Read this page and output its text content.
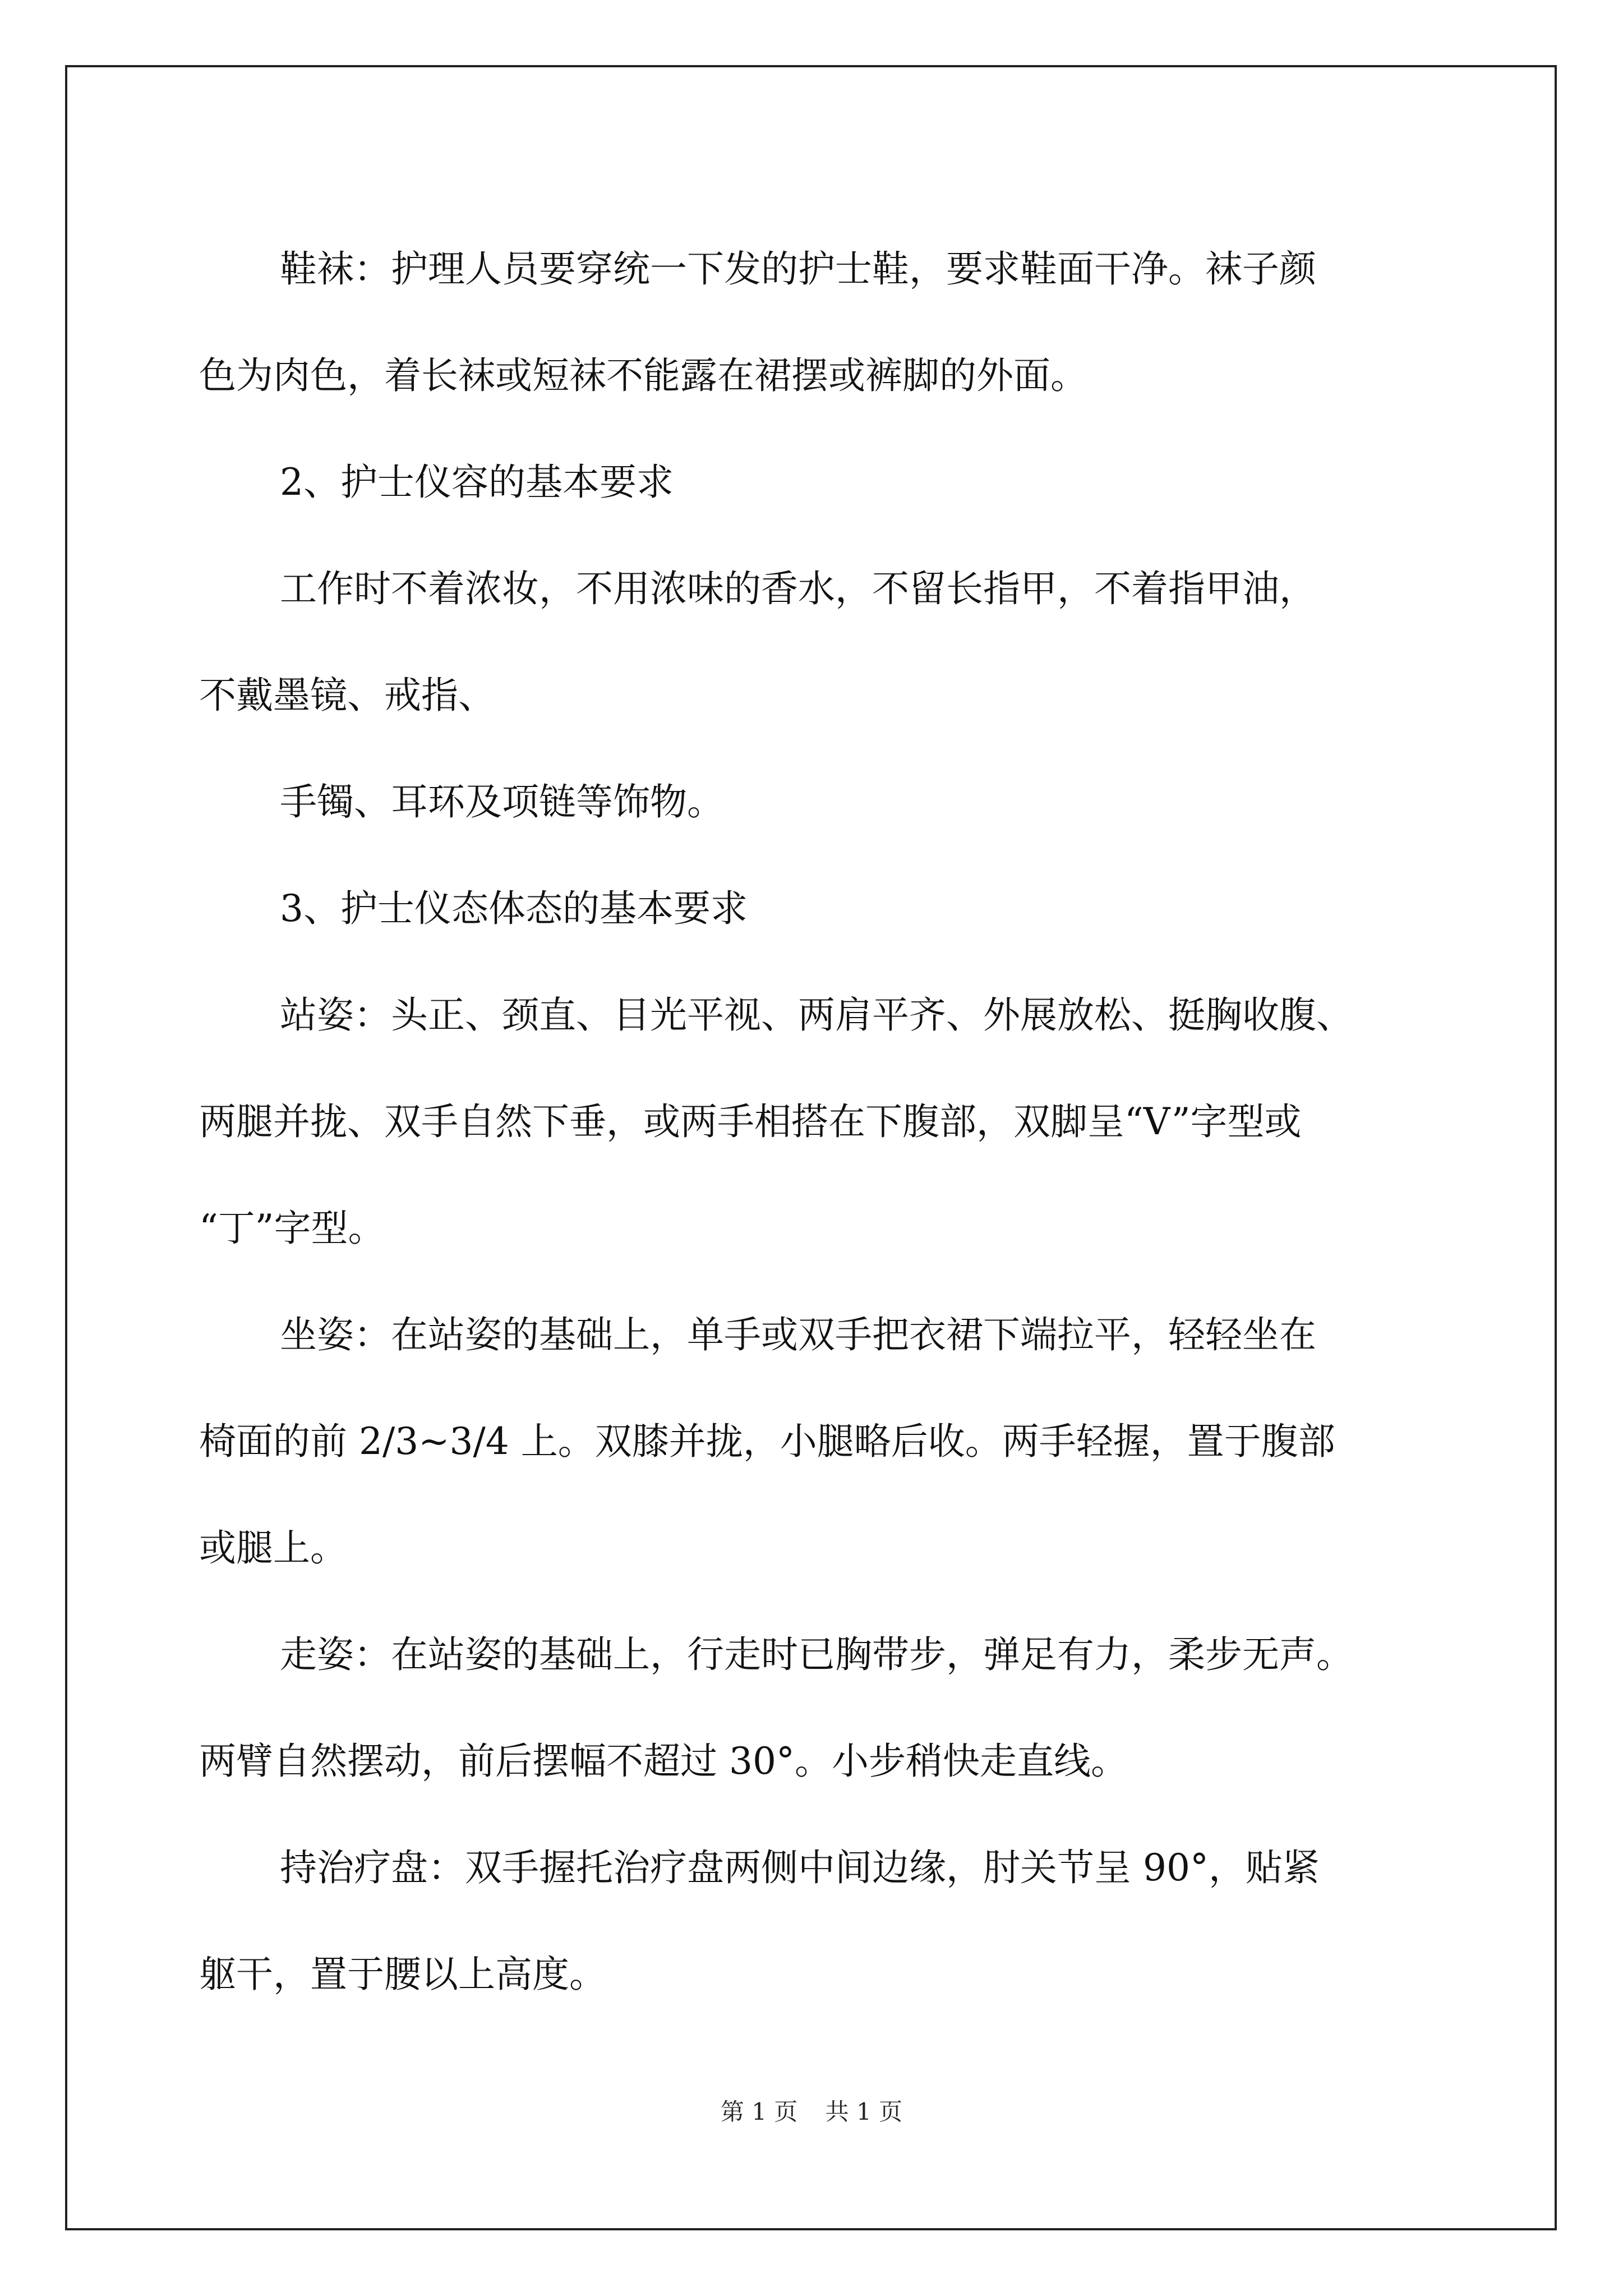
鞋袜：护理人员要穿统一下发的护士鞋，要求鞋面干净。袜子颜
色为肉色，着长袜或短袜不能露在裙摆或裤脚的外面。
2、护士仪容的基本要求
工作时不着浓妆，不用浓味的香水，不留长指甲，不着指甲油，
不戴墨镜、戒指、
手镯、耳环及项链等饰物。
3、护士仪态体态的基本要求
站姿：头正、颈直、目光平视、两肩平齐、外展放松、挺胸收腹、
两腿并拢、双手自然下垂，或两手相搭在下腹部，双脚呈“V”字型或
“丁”字型。
坐姿：在站姿的基础上，单手或双手把衣裙下端拉平，轻轻坐在
椅面的前 2/3~3/4 上。双膝并拢，小腿略后收。两手轻握，置于腹部
或腿上。
走姿：在站姿的基础上，行走时已胸带步，弹足有力，柔步无声。
两臂自然摆动，前后摆幅不超过 30°。小步稍快走直线。
持治疗盘：双手握托治疗盘两侧中间边缘，肘关节呈 90°，贴紧
躯干，置于腰以上高度。
第 1 页 共 1 页
